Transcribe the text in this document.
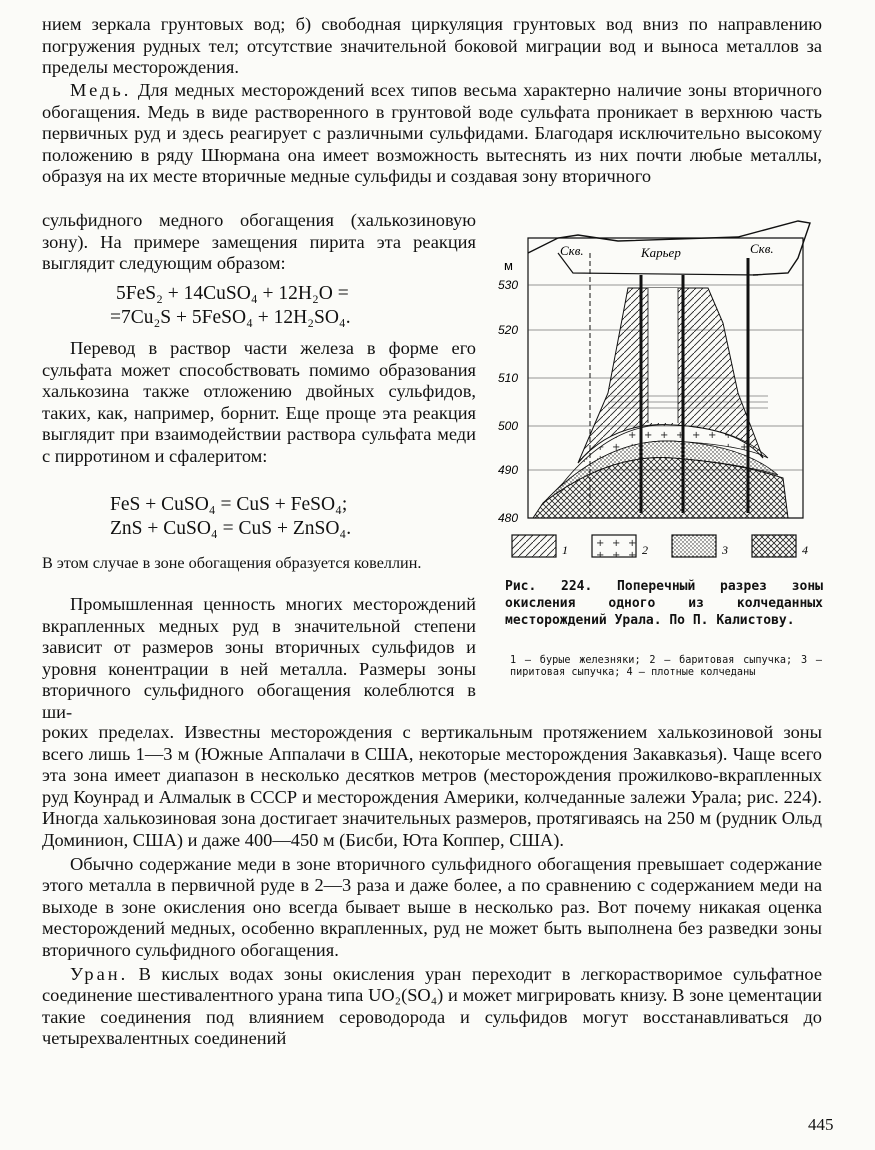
нием зеркала грунтовых вод; б) свободная циркуляция грунтовых вод вниз по направлению погружения рудных тел; отсутствие значительной боковой миграции вод и выноса металлов за пределы месторождения.

Медь. Для медных месторождений всех типов весьма характерно наличие зоны вторичного обогащения. Медь в виде растворенного в грунтовой воде сульфата проникает в верхнюю часть первичных руд и здесь реагирует с различными сульфидами. Благодаря исключительно высокому положению в ряду Шюрмана она имеет возможность вытеснять из них почти любые металлы, образуя на их месте вторичные медные сульфиды и создавая зону вторичного

сульфидного медного обогащения (халькозиновую зону). На примере замещения пирита эта реакция выглядит следующим образом:

5FeS₂ + 14CuSO₄ + 12H₂O =
=7Cu₂S + 5FeSO₄ + 12H₂SO₄.

Перевод в раствор части железа в форме его сульфата может способствовать помимо образования халькозина также отложению двойных сульфидов, таких, как, например, борнит. Еще проще эта реакция выглядит при взаимодействии раствора сульфата меди с пирротином и сфалеритом:

FeS + CuSO₄ = CuS + FeSO₄;
ZnS + CuSO₄ = CuS + ZnSO₄.

В этом случае в зоне обогащения образуется ковеллин.

Промышленная ценность многих месторождений вкрапленных медных руд в значительной степени зависит от размеров зоны вторичных сульфидов и уровня конентрации в ней металла. Размеры зоны вторичного сульфидного обогащения колеблются в ши-

роких пределах. Известны месторождения с вертикальным протяжением халькозиновой зоны всего лишь 1—3 м (Южные Аппалачи в США, некоторые месторождения Закавказья). Чаще всего эта зона имеет диапазон в несколько десятков метров (месторождения прожилково-вкрапленных руд Коунрад и Алмалык в СССР и месторождения Америки, колчеданные залежи Урала; рис. 224). Иногда халькозиновая зона достигает значительных размеров, протягиваясь на 250 м (рудник Ольд Доминион, США) и даже 400—450 м (Бисби, Юта Коппер, США).

Обычно содержание меди в зоне вторичного сульфидного обогащения превышает содержание этого металла в первичной руде в 2—3 раза и даже более, а по сравнению с содержанием меди на выходе в зоне окисления оно всегда бывает выше в несколько раз. Вот почему никакая оценка месторождений медных, особенно вкрапленных, руд не может быть выполнена без разведки зоны вторичного сульфидного обогащения.

Уран. В кислых водах зоны окисления уран переходит в легкорастворимое сульфатное соединение шестивалентного урана типа UO₂(SO₄) и может мигрировать книзу. В зоне цементации такие соединения под влиянием сероводорода и сульфидов могут восстанавливаться до четырехвалентных соединений

Скв.	Карьер	Скв.
м
530
520
510
500
490
480
1	2	3	4
Рис. 224. Поперечный разрез зоны окисления одного из колчеданных месторождений Урала. По П. Калистову.
1 — бурые железняки; 2 — баритовая сыпучка; 3 — пиритовая сыпучка; 4 — плотные колчеданы
445
